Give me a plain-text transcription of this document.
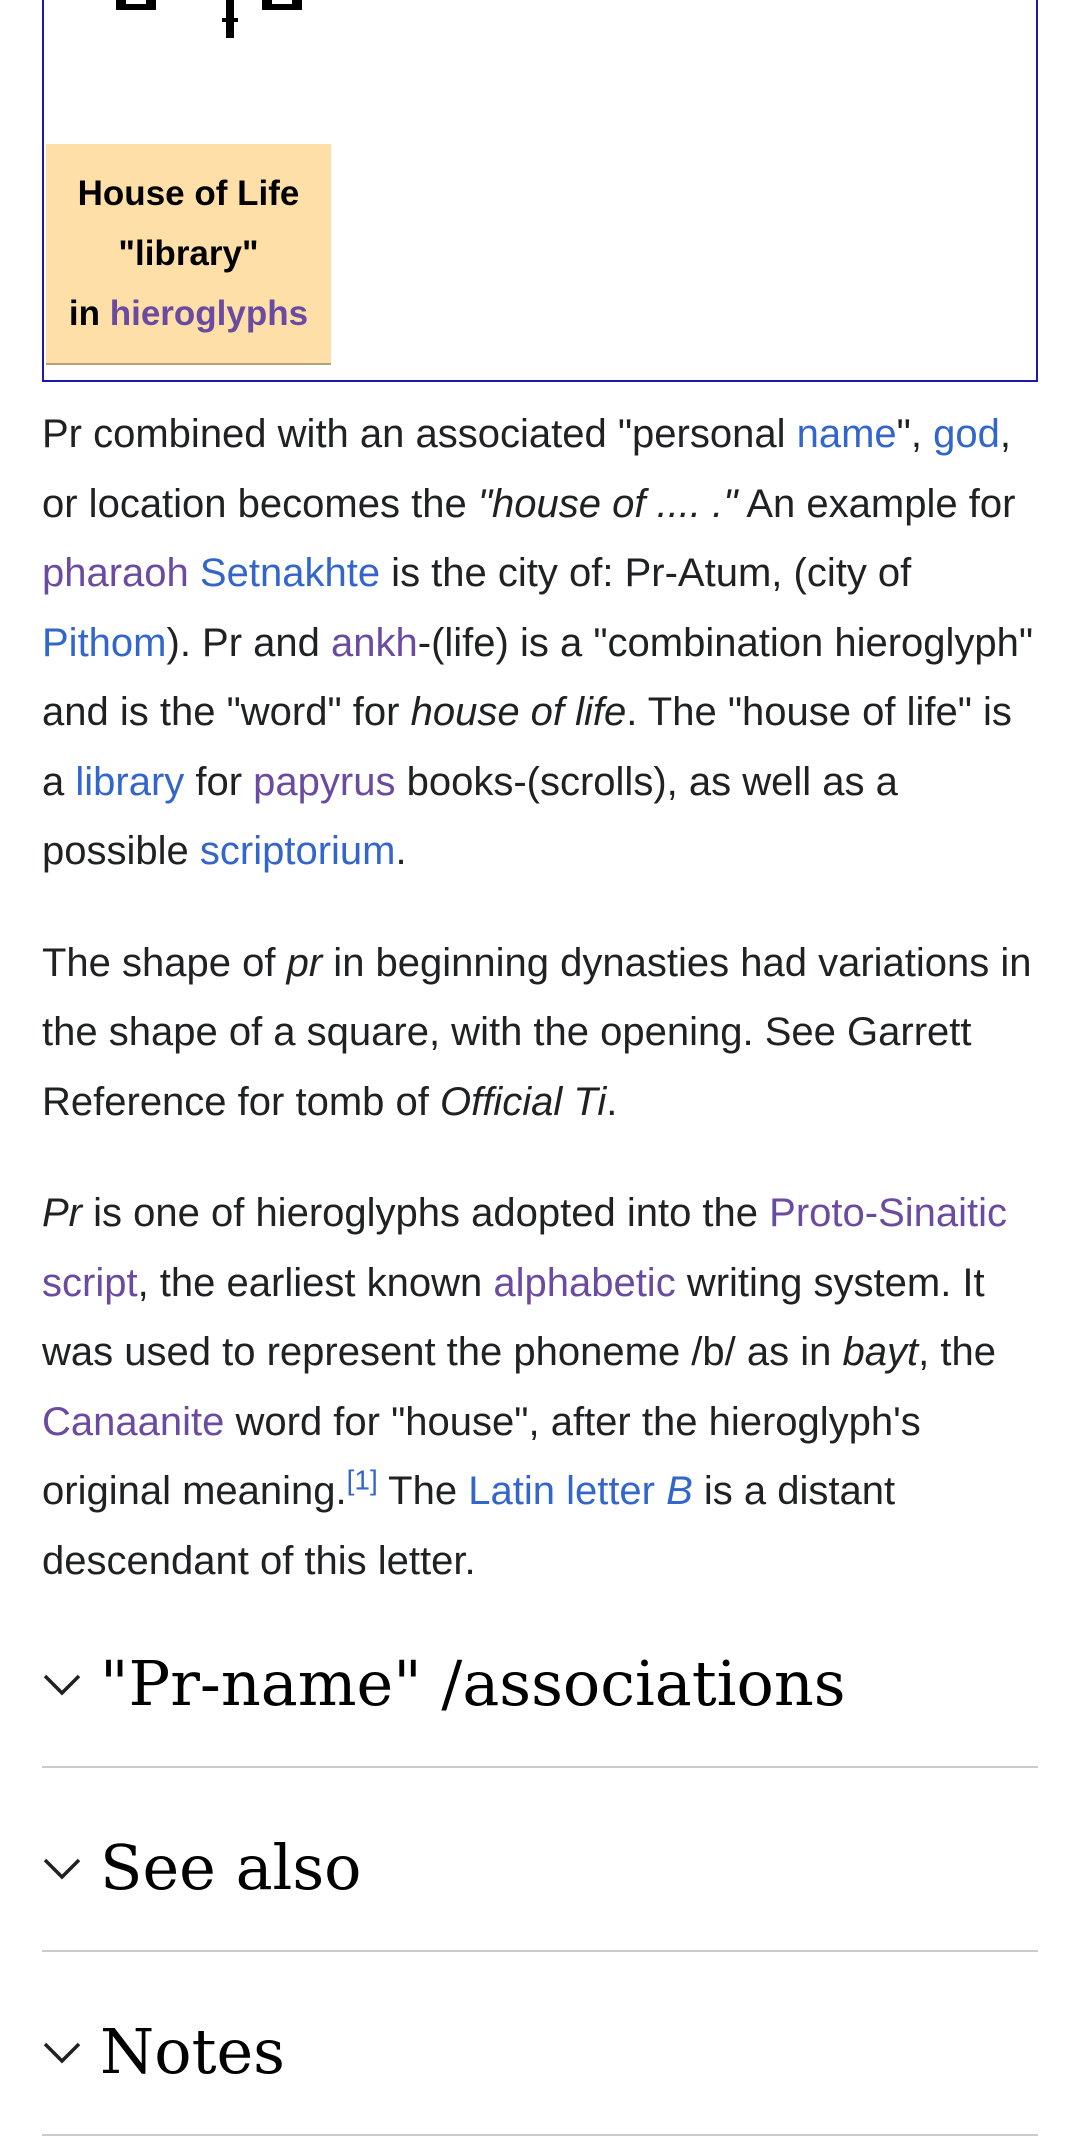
House of Life
"library"
in hieroglyphs

Pr combined with an associated "personal name", god, or location becomes the "house of .... ." An example for pharaoh Setnakhte is the city of: Pr-Atum, (city of Pithom). Pr and ankh-(life) is a "combination hieroglyph" and is the "word" for house of life. The "house of life" is a library for papyrus books-(scrolls), as well as a possible scriptorium.

The shape of pr in beginning dynasties had variations in the shape of a square, with the opening. See Garrett Reference for tomb of Official Ti.

Pr is one of hieroglyphs adopted into the Proto-Sinaitic script, the earliest known alphabetic writing system. It was used to represent the phoneme /b/ as in bayt, the Canaanite word for "house", after the hieroglyph's original meaning.[1] The Latin letter B is a distant descendant of this letter.

"Pr-name" /associations
See also
Notes
